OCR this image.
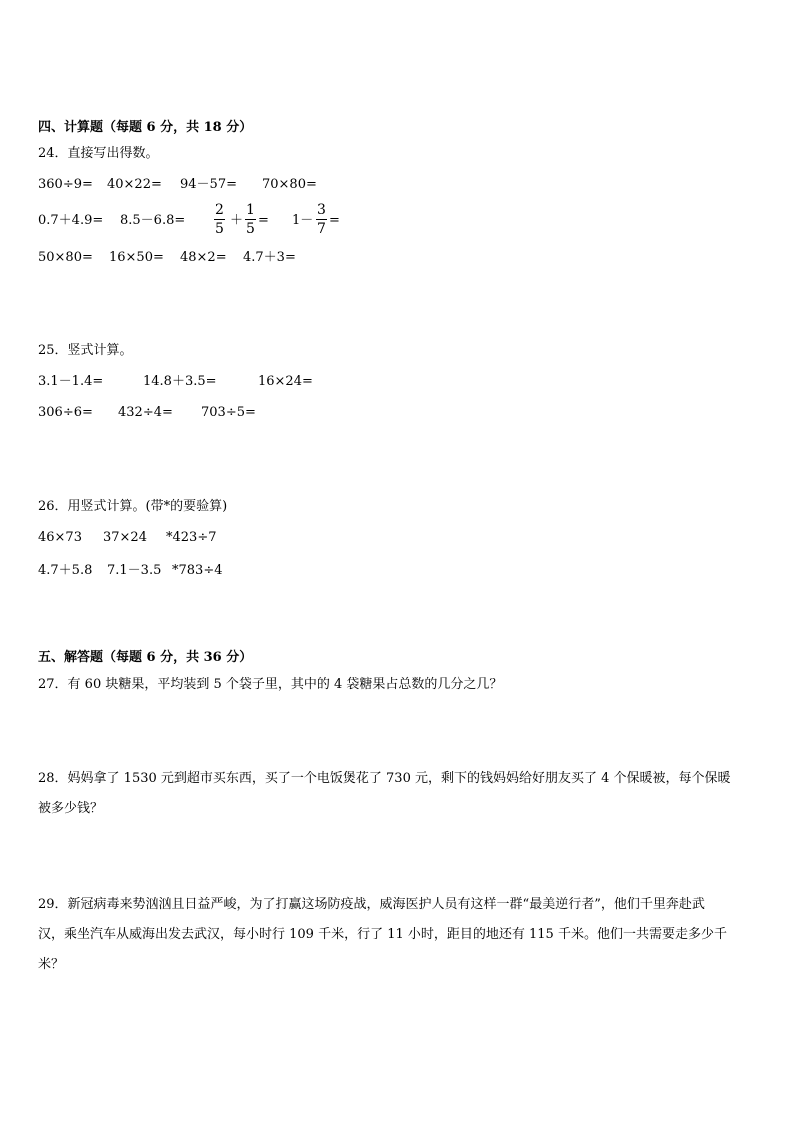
四、计算题（每题 6 分，共 18 分）
24．直接写出得数。
360÷9= 40×22= 94－57= 70×80=
$0.7+4.9= 8.5-6.8= \frac{2}{5} + \frac{1}{5} = 1- \frac{3}{7}$ =
50×80= 16×50= 48×2= 4.7＋3=
25．竖式计算。
3.1－1.4=	14.8＋3.5=	16×24=
306÷6= 432÷4= 703÷5=
26．用竖式计算。(带*的要验算)
46×73 37×24 *423÷7
4.7＋5.8 7.1－3.5 *783÷4
五、解答题（每题 6 分，共 36 分）
27．有 60 块糖果，平均装到 5 个袋子里，其中的 4 袋糖果占总数的几分之几？
28．妈妈拿了 1530 元到超市买东西，买了一个电饭煲花了 730 元，剩下的钱妈妈给好朋友买了 4 个保暖被，每个保暖
被多少钱？
29．新冠病毒来势汹汹且日益严峻，为了打赢这场防疫战，威海医护人员有这样一群“最美逆行者”，他们千里奔赴武
汉，乘坐汽车从威海出发去武汉，每小时行 109 千米，行了 11 小时，距目的地还有 115 千米。他们一共需要走多少千
米？
